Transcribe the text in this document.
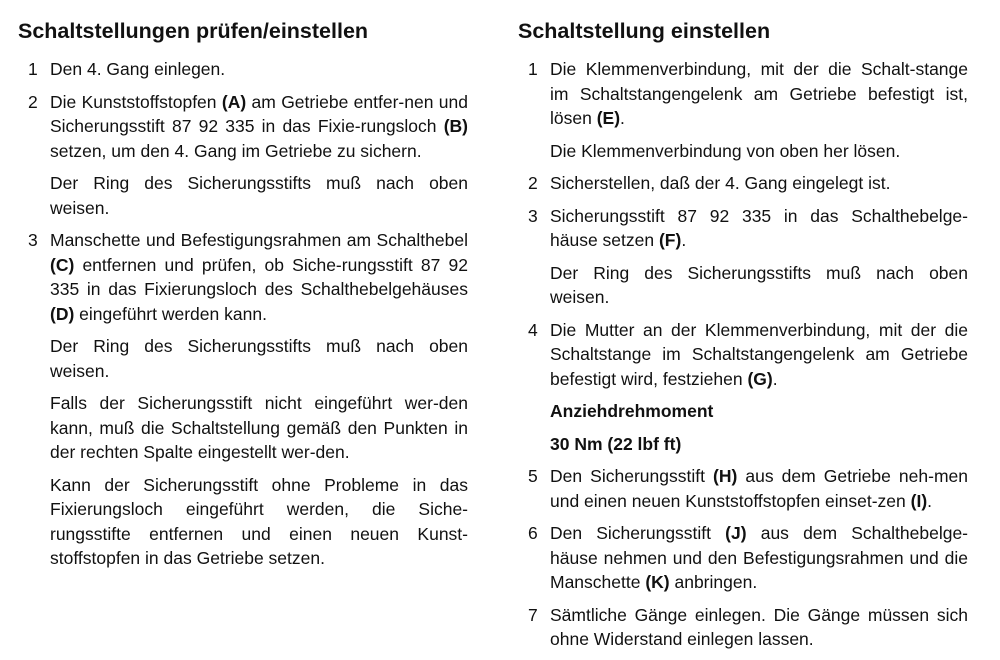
Schaltstellungen prüfen/einstellen
1 Den 4. Gang einlegen.

2 Die Kunststoffstopfen (A) am Getriebe entfer-nen und Sicherungsstift 87 92 335 in das Fixie-rungsloch (B) setzen, um den 4. Gang im Getriebe zu sichern.

Der Ring des Sicherungsstifts muß nach oben weisen.

3 Manschette und Befestigungsrahmen am Schalthebel (C) entfernen und prüfen, ob Siche-rungsstift 87 92 335 in das Fixierungsloch des Schalthebelgehäuses (D) eingeführt werden kann.

Der Ring des Sicherungsstifts muß nach oben weisen.

Falls der Sicherungsstift nicht eingeführt wer-den kann, muß die Schaltstellung gemäß den Punkten in der rechten Spalte eingestellt wer-den.

Kann der Sicherungsstift ohne Probleme in das Fixierungsloch eingeführt werden, die Siche-rungsstifte entfernen und einen neuen Kunst-stoffstopfen in das Getriebe setzen.

Schaltstellung einstellen
1 Die Klemmenverbindung, mit der die Schalt-stange im Schaltstangengelenk am Getriebe befestigt ist, lösen (E).

Die Klemmenverbindung von oben her lösen.

2 Sicherstellen, daß der 4. Gang eingelegt ist.

3 Sicherungsstift 87 92 335 in das Schalthebelge-häuse setzen (F).

Der Ring des Sicherungsstifts muß nach oben weisen.

4 Die Mutter an der Klemmenverbindung, mit der die Schaltstange im Schaltstangengelenk am Getriebe befestigt wird, festziehen (G).

Anziehdrehmoment

30 Nm (22 lbf ft)

5 Den Sicherungsstift (H) aus dem Getriebe neh-men und einen neuen Kunststoffstopfen einset-zen (I).

6 Den Sicherungsstift (J) aus dem Schalthebelge-häuse nehmen und den Befestigungsrahmen und die Manschette (K) anbringen.

7 Sämtliche Gänge einlegen. Die Gänge müssen sich ohne Widerstand einlegen lassen.
